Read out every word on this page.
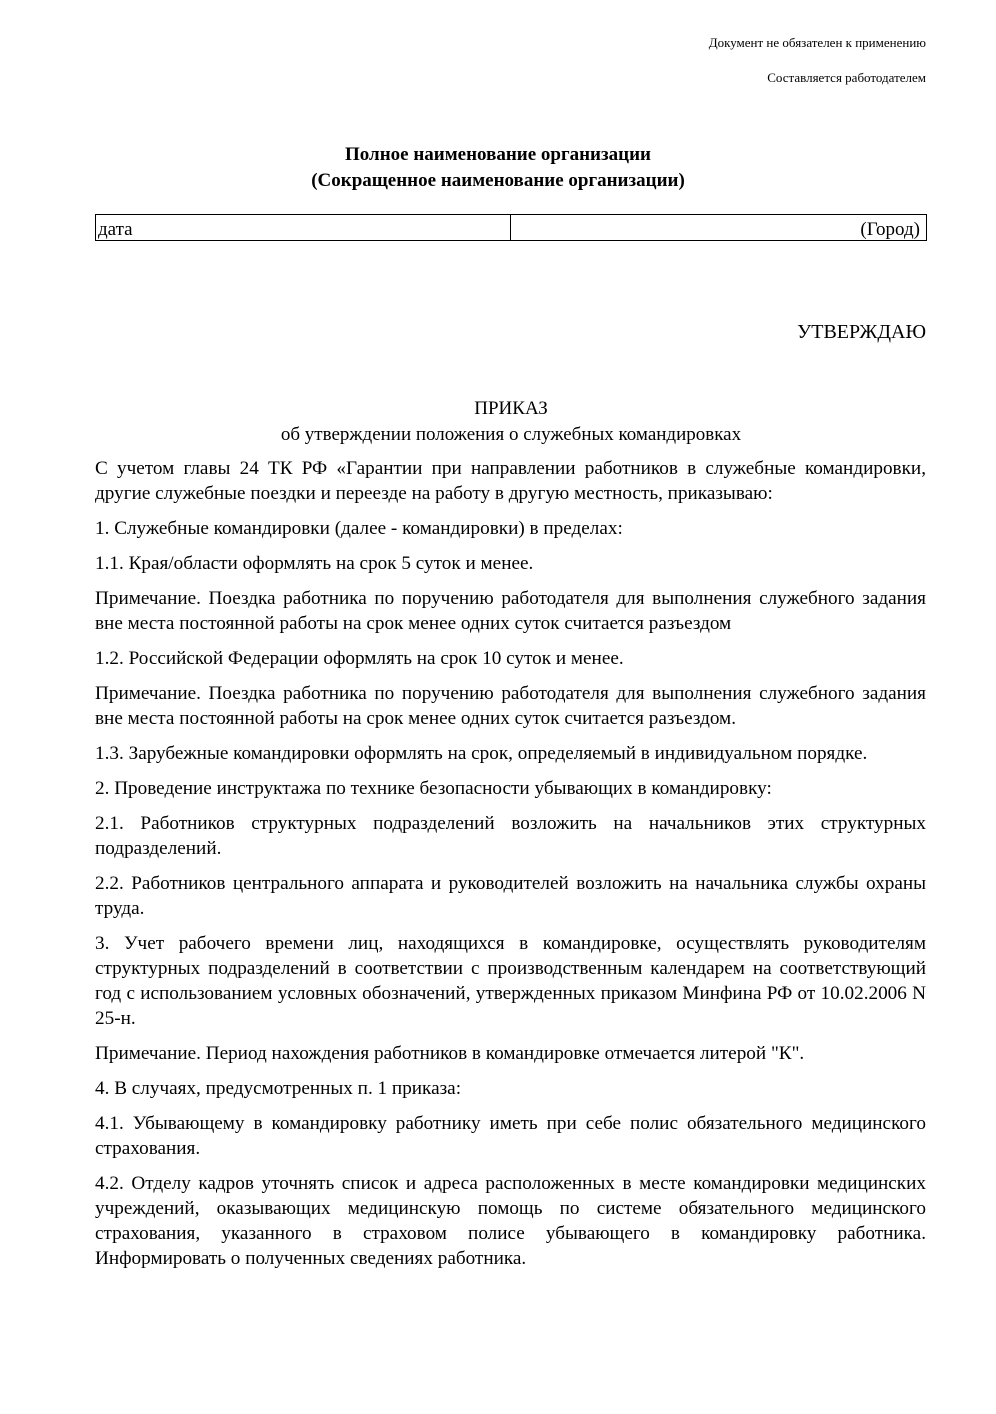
Документ не обязателен к применению
Составляется работодателем
Полное наименование организации
(Сокращенное наименование организации)
дата	(Город)
УТВЕРЖДАЮ
ПРИКАЗ
об утверждении положения о служебных командировках

С учетом главы 24 ТК РФ «Гарантии при направлении работников в служебные командировки, другие служебные поездки и переезде на работу в другую местность, приказываю:

1. Служебные командировки (далее - командировки) в пределах:

1.1. Края/области оформлять на срок 5 суток и менее.

Примечание. Поездка работника по поручению работодателя для выполнения служебного задания вне места постоянной работы на срок менее одних суток считается разъездом

1.2. Российской Федерации оформлять на срок 10 суток и менее.

Примечание. Поездка работника по поручению работодателя для выполнения служебного задания вне места постоянной работы на срок менее одних суток считается разъездом.

1.3. Зарубежные командировки оформлять на срок, определяемый в индивидуальном порядке.

2. Проведение инструктажа по технике безопасности убывающих в командировку:

2.1. Работников структурных подразделений возложить на начальников этих структурных подразделений.

2.2. Работников центрального аппарата и руководителей возложить на начальника службы охраны труда.

3. Учет рабочего времени лиц, находящихся в командировке, осуществлять руководителям структурных подразделений в соответствии с производственным календарем на соответствующий год с использованием условных обозначений, утвержденных приказом Минфина РФ от 10.02.2006 N 25-н.

Примечание. Период нахождения работников в командировке отмечается литерой "К".

4. В случаях, предусмотренных п. 1 приказа:

4.1. Убывающему в командировку работнику иметь при себе полис обязательного медицинского страхования.

4.2. Отделу кадров уточнять список и адреса расположенных в месте командировки медицинских учреждений, оказывающих медицинскую помощь по системе обязательного медицинского страхования, указанного в страховом полисе убывающего в командировку работника. Информировать о полученных сведениях работника.
